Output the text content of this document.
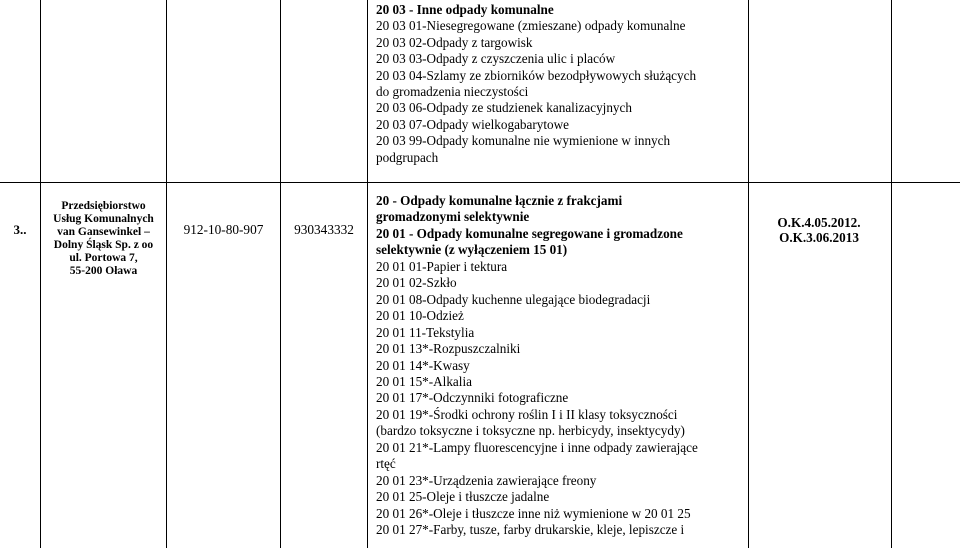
20 03 - Inne odpady komunalne
20 03 01-Niesegregowane (zmieszane) odpady komunalne
20 03 02-Odpady z targowisk
20 03 03-Odpady z czyszczenia ulic i placów
20 03 04-Szlamy ze zbiorników bezodpływowych służących
do gromadzenia nieczystości
20 03 06-Odpady ze studzienek kanalizacyjnych
20 03 07-Odpady wielkogabarytowe
20 03 99-Odpady komunalne nie wymienione w innych
podgrupach
3..
Przedsiębiorstwo
Usług Komunalnych
van Gansewinkel –
Dolny Śląsk Sp. z oo
ul. Portowa 7,
55-200 Oława
912-10-80-907	930343332
20 - Odpady komunalne łącznie z frakcjami
gromadzonymi selektywnie
20 01 - Odpady komunalne segregowane i gromadzone
selektywnie (z wyłączeniem 15 01)
20 01 01-Papier i tektura
20 01 02-Szkło
20 01 08-Odpady kuchenne ulegające biodegradacji
20 01 10-Odzież
20 01 11-Tekstylia
20 01 13*-Rozpuszczalniki
20 01 14*-Kwasy
20 01 15*-Alkalia
20 01 17*-Odczynniki fotograficzne
20 01 19*-Środki ochrony roślin I i II klasy toksyczności
(bardzo toksyczne i toksyczne np. herbicydy, insektycydy)
20 01 21*-Lampy fluorescencyjne i inne odpady zawierające
rtęć
20 01 23*-Urządzenia zawierające freony
20 01 25-Oleje i tłuszcze jadalne
20 01 26*-Oleje i tłuszcze inne niż wymienione w 20 01 25
20 01 27*-Farby, tusze, farby drukarskie, kleje, lepiszcze i
O.K.4.05.2012.
O.K.3.06.2013
